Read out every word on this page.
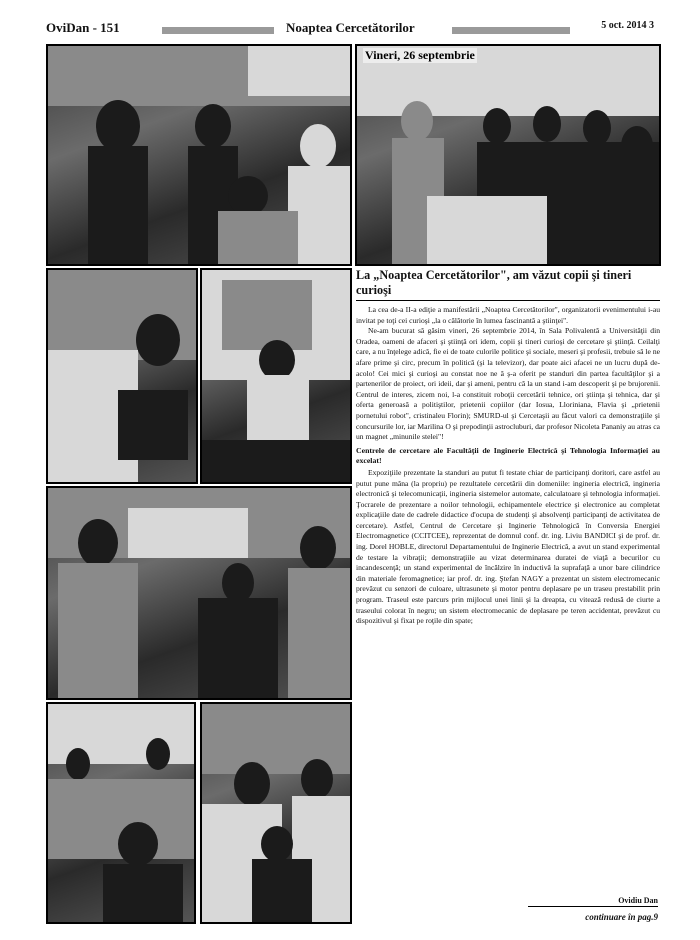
OviDan - 151	Noaptea Cercetătorilor	5 oct. 2014 3
Vineri, 26 septembrie
La „Noaptea Cercetătorilor", am văzut copii şi tineri curioşi

La cea de-a II-a ediţie a manifestării „Noaptea Cercetătorilor", organizatorii evenimentului i-au invitat pe toţi cei curioşi „la o călătorie în lumea fascinantă a ştiinţei".

Ne-am bucurat să găsim vineri, 26 septembrie 2014, în Sala Polivalentă a Universităţii din Oradea, oameni de afaceri şi ştiinţă ori idem, copii şi tineri curioşi de cercetare şi ştiinţă. Ceilalţi care, a nu înţelege adică, fie ei de toate culorile politice şi sociale, meseri şi profesii, trebuie să le ne afare prime şi circ, precum în politică (şi la televizor), dar poate aici afacei ne un lucru după de-acolo! Cei mici şi curioşi au constat noe ne ă ş-a oferit pe standuri din partea facultăţilor şi a partenerilor de proiect, ori ideii, dar şi ameni, pentru că la un stand i-am descoperit şi pe brujorenii. Centrul de interes, zicem noi, l-a constituit roboţii cercetării tehnice, ori ştiinţa şi tehnica, dar şi oferta generoasă a politiştilor, prietenii copiilor (dar Iosua, Lloriniana, Flavia şi „prietenii pornetului robot", cristinaleu Florin); SMURD-ul şi Cercetaşii au făcut valori ca demonstraţiile şi concursurile lor, iar Marilina O şi prepodinţii astrocluburi, dar profesor Nicoleta Pananiy au atras ca un magnet „minunile stelei"!

Centrele de cercetare ale Facultăţii de Inginerie Electrică şi Tehnologia Informaţiei au excelat!

Expoziţiile prezentate la standuri au putut fi testate chiar de participanţi doritori, care astfel au putut pune mâna (la propriu) pe rezultatele cercetării din domeniile: ingineria electrică, ingineria electronică şi telecomunicaţii, ingineria sistemelor automate, calculatoare şi tehnologia informaţiei. Ţocrarele de prezentare a noilor tehnologii, echipamentele electrice şi electronice au completat explicaţiile date de cadrele didactice d'ocupa de studenţi şi absolvenţi participanţi de activitatea de cercetare). Astfel, Centrul de Cercetare şi Inginerie Tehnologică în Conversia Energiei Electromagnetice (CCITCEE), reprezentat de domnul conf. dr. ing. Liviu BANDICI şi de prof. dr. ing. Dorel HOBLE, directorul Departamentului de Inginerie Electrică, a avut un stand experimental de testare la vibraţii; demonstraţiile au vizat determinarea duratei de viaţă a becurilor cu incandescenţă; un stand experimental de încălzire în inductivă la suprafaţă a unor bare cilindrice din materiale feromagnetice; iar prof. dr. ing. Ştefan NAGY a prezentat un sistem electromecanic prevăzut cu senzori de culoare, ultrasunete şi motor pentru deplasare pe un traseu prestabilit prin program. Traseul este parcurs prin mijlocul unei linii şi la dreapta, cu vitează redusă de ciurte a traseului colorat în negru; un sistem electromecanic de deplasare pe teren accidentat, prevăzut cu dispozitivul şi fixat pe roţile din spate;

Ovidiu Dan
continuare în pag.9
